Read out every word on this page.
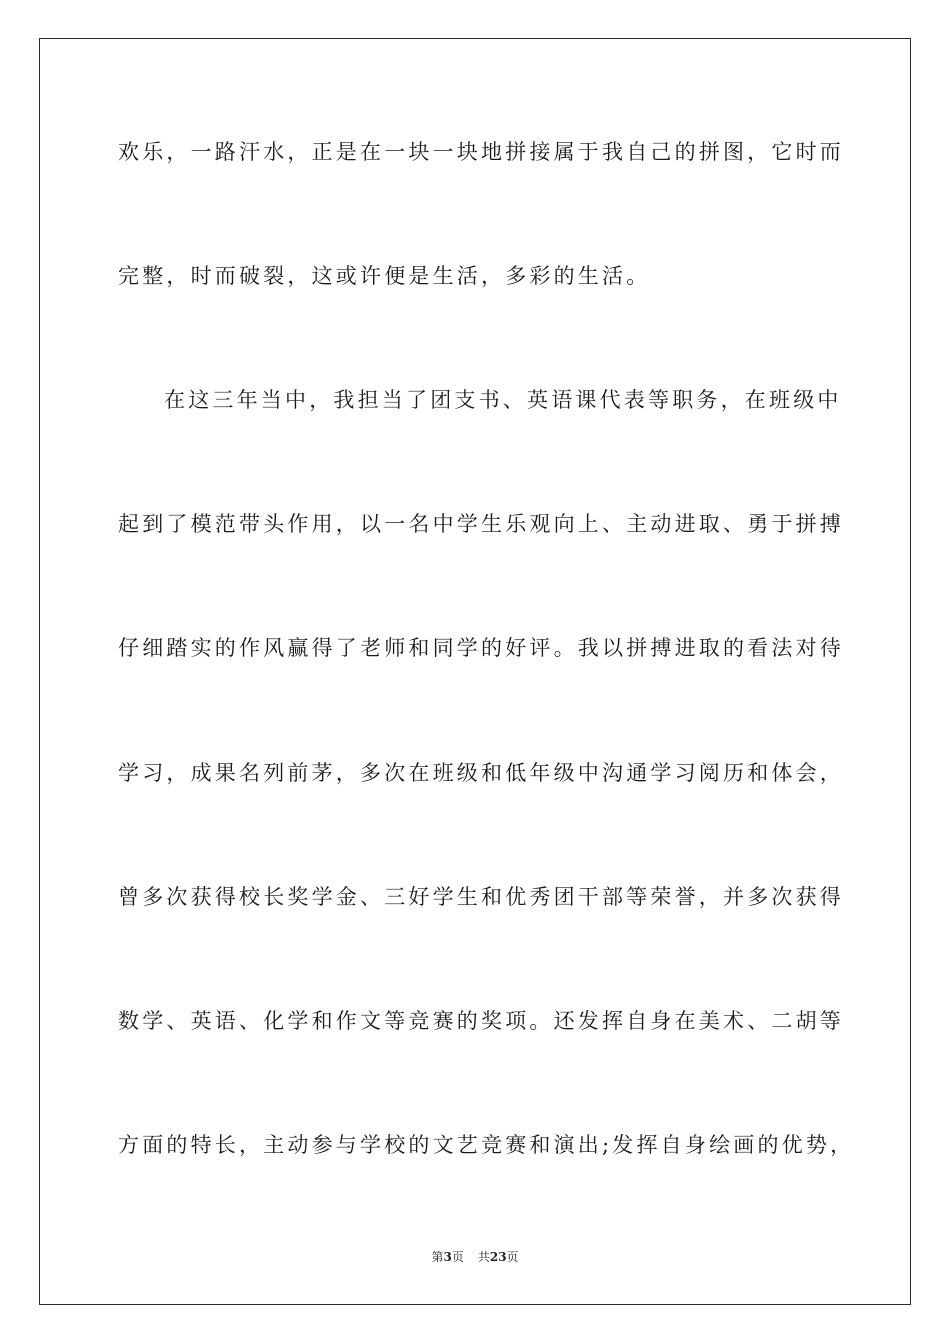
欢乐，一路汗水，正是在一块一块地拼接属于我自己的拼图，它时而

完整，时而破裂，这或许便是生活，多彩的生活。

在这三年当中，我担当了团支书、英语课代表等职务，在班级中

起到了模范带头作用，以一名中学生乐观向上、主动进取、勇于拼搏

仔细踏实的作风赢得了老师和同学的好评。我以拼搏进取的看法对待

学习，成果名列前茅，多次在班级和低年级中沟通学习阅历和体会，

曾多次获得校长奖学金、三好学生和优秀团干部等荣誉，并多次获得

数学、英语、化学和作文等竞赛的奖项。还发挥自身在美术、二胡等

方面的特长，主动参与学校的文艺竞赛和演出;发挥自身绘画的优势，

第3页 共23页
